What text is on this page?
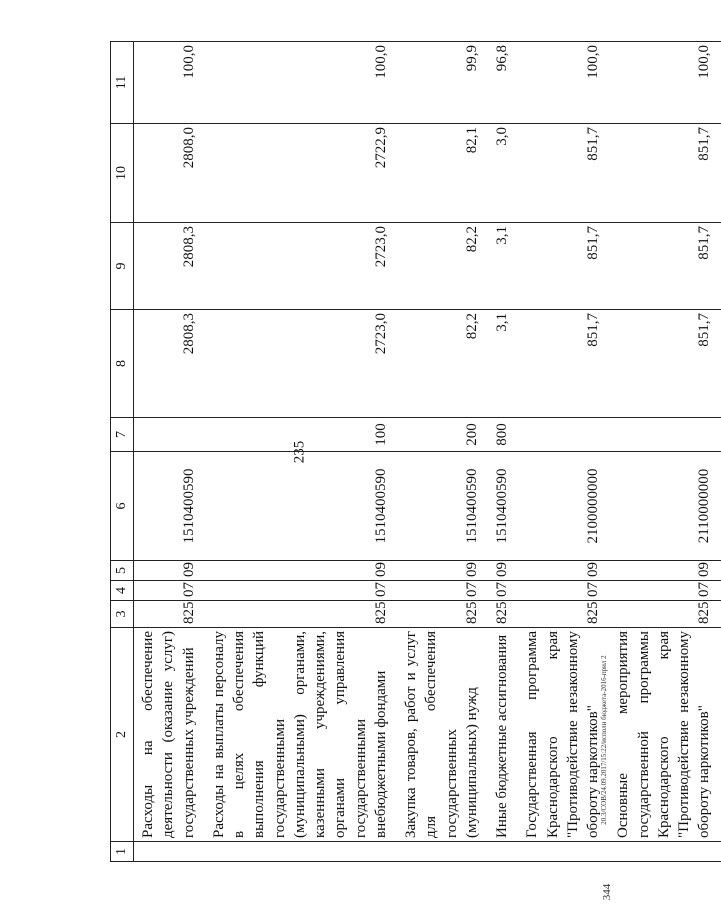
235
1	2	3	4	5	6	7	8	9	10	11
	Расходы на обеспечение деятельности (оказание услуг) государственных учреждений	825	07	09	1510400590		2808,3	2808,3	2808,0	100,0
	Расходы на выплаты персоналу в целях обеспечения выполнения функций государственными (муниципальными) органами, казенными учреждениями, органами управления государственными внебюджетными фондами	825	07	09	1510400590	100	2723,0	2723,0	2722,9	100,0
	Закупка товаров, работ и услуг для обеспечения государственных (муниципальных) нужд	825	07	09	1510400590	200	82,2	82,2	82,1	99,9
	Иные бюджетные ассигнования	825	07	09	1510400590	800	3,1	3,1	3,0	96,8
	Государственная программа Краснодарского края "Противодействие незаконному обороту наркотиков"	825	07	09	2100000000		851,7	851,7	851,7	100,0
	Основные мероприятия государственной программы Краснодарского края "Противодействие незаконному обороту наркотиков"	825	07	09	2110000000		851,7	851,7	851,7	100,0
20.3/СОВ/24.09.2017/15:22/исполн бюджета-2016-прил 2
344
